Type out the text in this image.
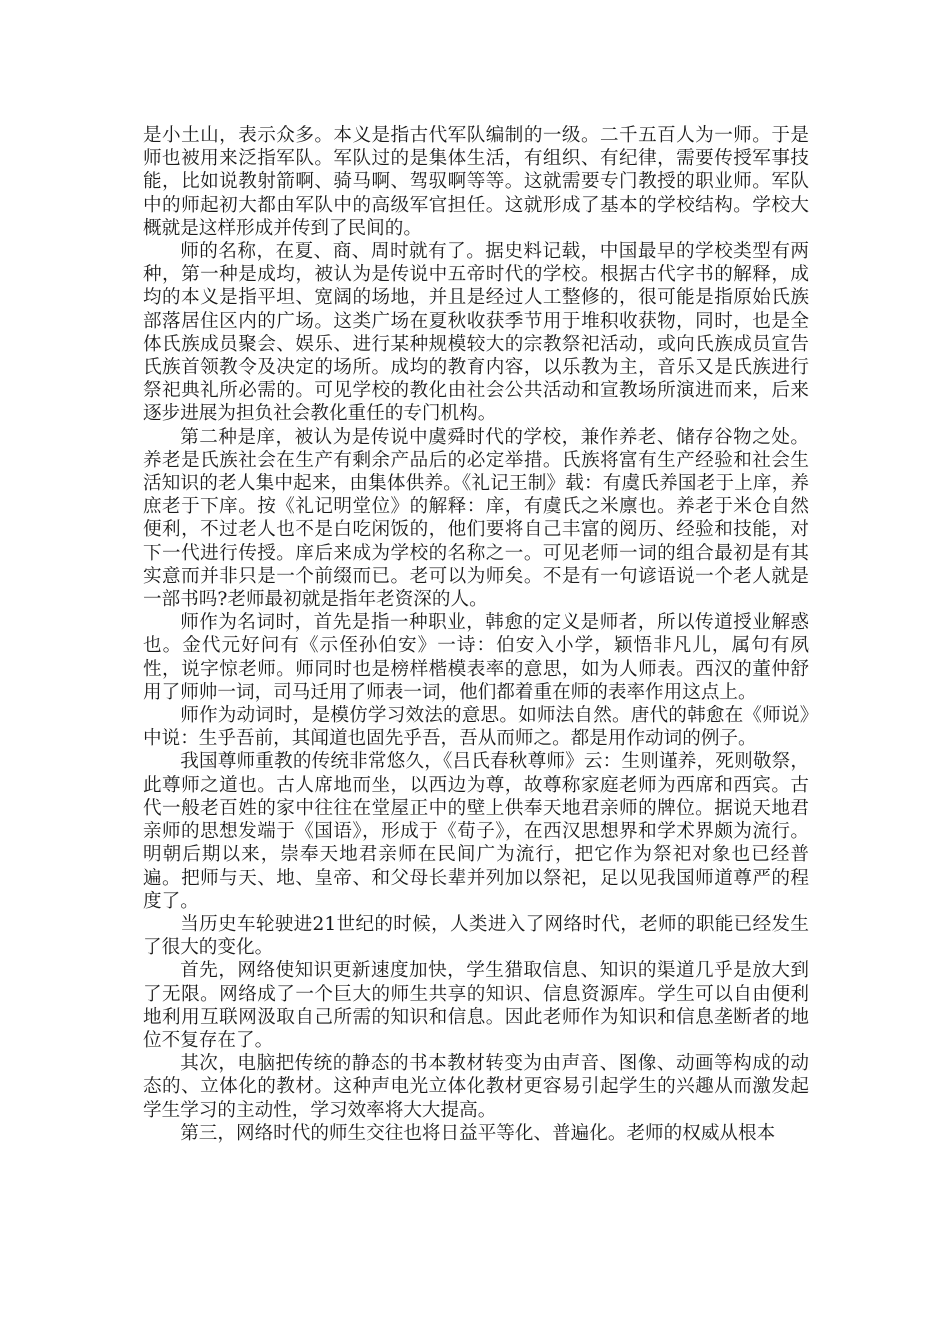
是小土山，表示众多。本义是指古代军队编制的一级。二千五百人为一师。于是师也被用来泛指军队。军队过的是集体生活，有组织、有纪律，需要传授军事技能，比如说教射箭啊、骑马啊、驾驭啊等等。这就需要专门教授的职业师。军队中的师起初大都由军队中的高级军官担任。这就形成了基本的学校结构。学校大概就是这样形成并传到了民间的。

师的名称，在夏、商、周时就有了。据史料记载，中国最早的学校类型有两种，第一种是成均，被认为是传说中五帝时代的学校。根据古代字书的解释，成均的本义是指平坦、宽阔的场地，并且是经过人工整修的，很可能是指原始氏族部落居住区内的广场。这类广场在夏秋收获季节用于堆积收获物，同时，也是全体氏族成员聚会、娱乐、进行某种规模较大的宗教祭祀活动，或向氏族成员宣告氏族首领教令及决定的场所。成均的教育内容，以乐教为主，音乐又是氏族进行祭祀典礼所必需的。可见学校的教化由社会公共活动和宣教场所演进而来，后来逐步进展为担负社会教化重任的专门机构。

第二种是庠，被认为是传说中虞舜时代的学校，兼作养老、储存谷物之处。养老是氏族社会在生产有剩余产品后的必定举措。氏族将富有生产经验和社会生活知识的老人集中起来，由集体供养。《礼记王制》载：有虞氏养国老于上庠，养庶老于下庠。按《礼记明堂位》的解释：庠，有虞氏之米廪也。养老于米仓自然便利，不过老人也不是白吃闲饭的，他们要将自己丰富的阅历、经验和技能，对下一代进行传授。庠后来成为学校的名称之一。可见老师一词的组合最初是有其实意而并非只是一个前缀而已。老可以为师矣。不是有一句谚语说一个老人就是一部书吗?老师最初就是指年老资深的人。

师作为名词时，首先是指一种职业，韩愈的定义是师者，所以传道授业解惑也。金代元好问有《示侄孙伯安》一诗：伯安入小学，颖悟非凡儿，属句有夙性，说字惊老师。师同时也是榜样楷模表率的意思，如为人师表。西汉的董仲舒用了师帅一词，司马迁用了师表一词，他们都着重在师的表率作用这点上。

师作为动词时，是模仿学习效法的意思。如师法自然。唐代的韩愈在《师说》中说：生乎吾前，其闻道也固先乎吾，吾从而师之。都是用作动词的例子。

我国尊师重教的传统非常悠久，《吕氏春秋尊师》云：生则谨养，死则敬祭，此尊师之道也。古人席地而坐，以西边为尊，故尊称家庭老师为西席和西宾。古代一般老百姓的家中往往在堂屋正中的壁上供奉天地君亲师的牌位。据说天地君亲师的思想发端于《国语》，形成于《荀子》，在西汉思想界和学术界颇为流行。明朝后期以来，崇奉天地君亲师在民间广为流行，把它作为祭祀对象也已经普遍。把师与天、地、皇帝、和父母长辈并列加以祭祀，足以见我国师道尊严的程度了。

当历史车轮驶进21世纪的时候，人类进入了网络时代，老师的职能已经发生了很大的变化。

首先，网络使知识更新速度加快，学生猎取信息、知识的渠道几乎是放大到了无限。网络成了一个巨大的师生共享的知识、信息资源库。学生可以自由便利地利用互联网汲取自己所需的知识和信息。因此老师作为知识和信息垄断者的地位不复存在了。

其次，电脑把传统的静态的书本教材转变为由声音、图像、动画等构成的动态的、立体化的教材。这种声电光立体化教材更容易引起学生的兴趣从而激发起学生学习的主动性，学习效率将大大提高。

第三，网络时代的师生交往也将日益平等化、普遍化。老师的权威从根本
